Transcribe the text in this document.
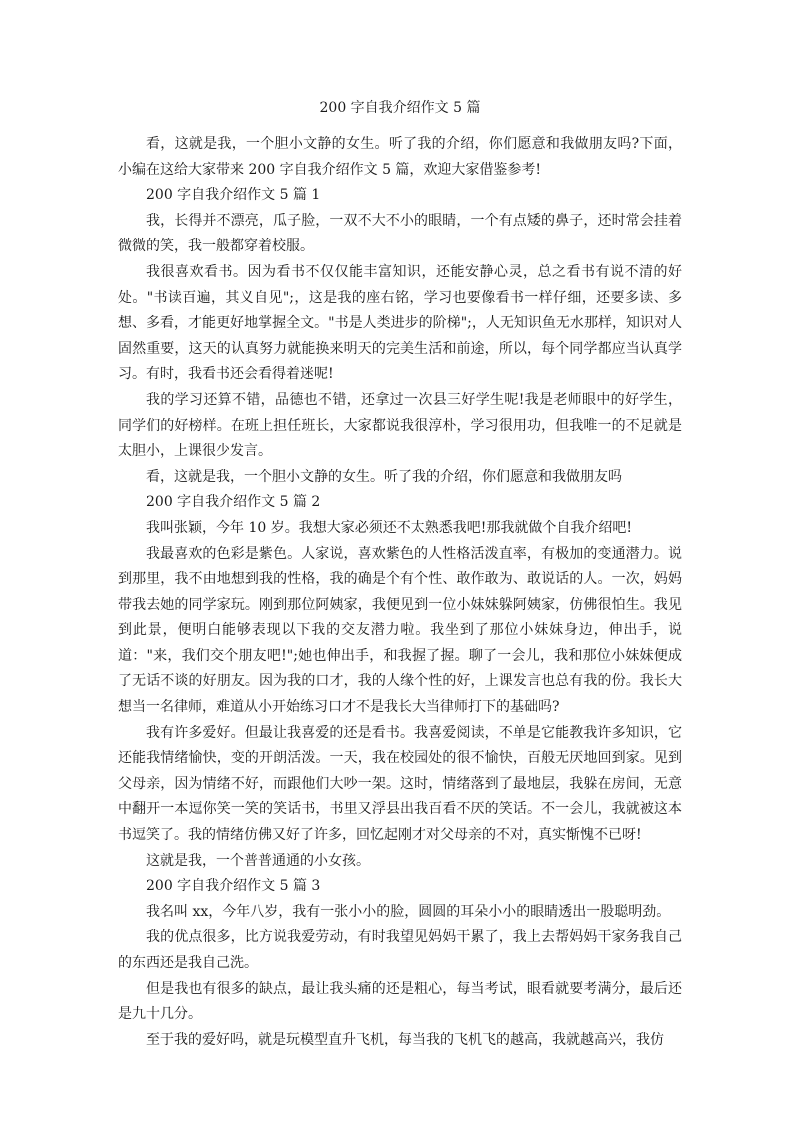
200 字自我介绍作文 5 篇

看，这就是我，一个胆小文静的女生。听了我的介绍，你们愿意和我做朋友吗?下面，小编在这给大家带来 200 字自我介绍作文 5 篇，欢迎大家借鉴参考!

200 字自我介绍作文 5 篇 1

我，长得并不漂亮，瓜子脸，一双不大不小的眼睛，一个有点矮的鼻子，还时常会挂着微微的笑，我一般都穿着校服。

我很喜欢看书。因为看书不仅仅能丰富知识，还能安静心灵，总之看书有说不清的好处。"书读百遍，其义自见";，这是我的座右铭，学习也要像看书一样仔细，还要多读、多想、多看，才能更好地掌握全文。"书是人类进步的阶梯";，人无知识鱼无水那样，知识对人固然重要，这天的认真努力就能换来明天的完美生活和前途，所以，每个同学都应当认真学习。有时，我看书还会看得着迷呢!

我的学习还算不错，品德也不错，还拿过一次县三好学生呢!我是老师眼中的好学生，同学们的好榜样。在班上担任班长，大家都说我很淳朴，学习很用功，但我唯一的不足就是太胆小，上课很少发言。

看，这就是我，一个胆小文静的女生。听了我的介绍，你们愿意和我做朋友吗

200 字自我介绍作文 5 篇 2

我叫张颖，今年 10 岁。我想大家必须还不太熟悉我吧!那我就做个自我介绍吧!

我最喜欢的色彩是紫色。人家说，喜欢紫色的人性格活泼直率，有极加的变通潜力。说到那里，我不由地想到我的性格，我的确是个有个性、敢作敢为、敢说话的人。一次，妈妈带我去她的同学家玩。刚到那位阿姨家，我便见到一位小妹妹躲阿姨家，仿佛很怕生。我见到此景，便明白能够表现以下我的交友潜力啦。我坐到了那位小妹妹身边，伸出手，说道："来，我们交个朋友吧!";她也伸出手，和我握了握。聊了一会儿，我和那位小妹妹便成了无话不谈的好朋友。因为我的口才，我的人缘个性的好，上课发言也总有我的份。我长大想当一名律师，难道从小开始练习口才不是我长大当律师打下的基础吗?

我有许多爱好。但最让我喜爱的还是看书。我喜爱阅读，不单是它能教我许多知识，它还能我情绪愉快，变的开朗活泼。一天，我在校园处的很不愉快，百般无厌地回到家。见到父母亲，因为情绪不好，而跟他们大吵一架。这时，情绪落到了最地层，我躲在房间，无意中翻开一本逗你笑一笑的笑话书，书里又浮县出我百看不厌的笑话。不一会儿，我就被这本书逗笑了。我的情绪仿佛又好了许多，回忆起刚才对父母亲的不对，真实惭愧不已呀!

这就是我，一个普普通通的小女孩。

200 字自我介绍作文 5 篇 3

我名叫 xx，今年八岁，我有一张小小的脸，圆圆的耳朵小小的眼睛透出一股聪明劲。

我的优点很多，比方说我爱劳动，有时我望见妈妈干累了，我上去帮妈妈干家务我自己的东西还是我自己洗。

但是我也有很多的缺点，最让我头痛的还是粗心，每当考试，眼看就要考满分，最后还是九十几分。

至于我的爱好吗，就是玩模型直升飞机，每当我的飞机飞的越高，我就越高兴，我仿
